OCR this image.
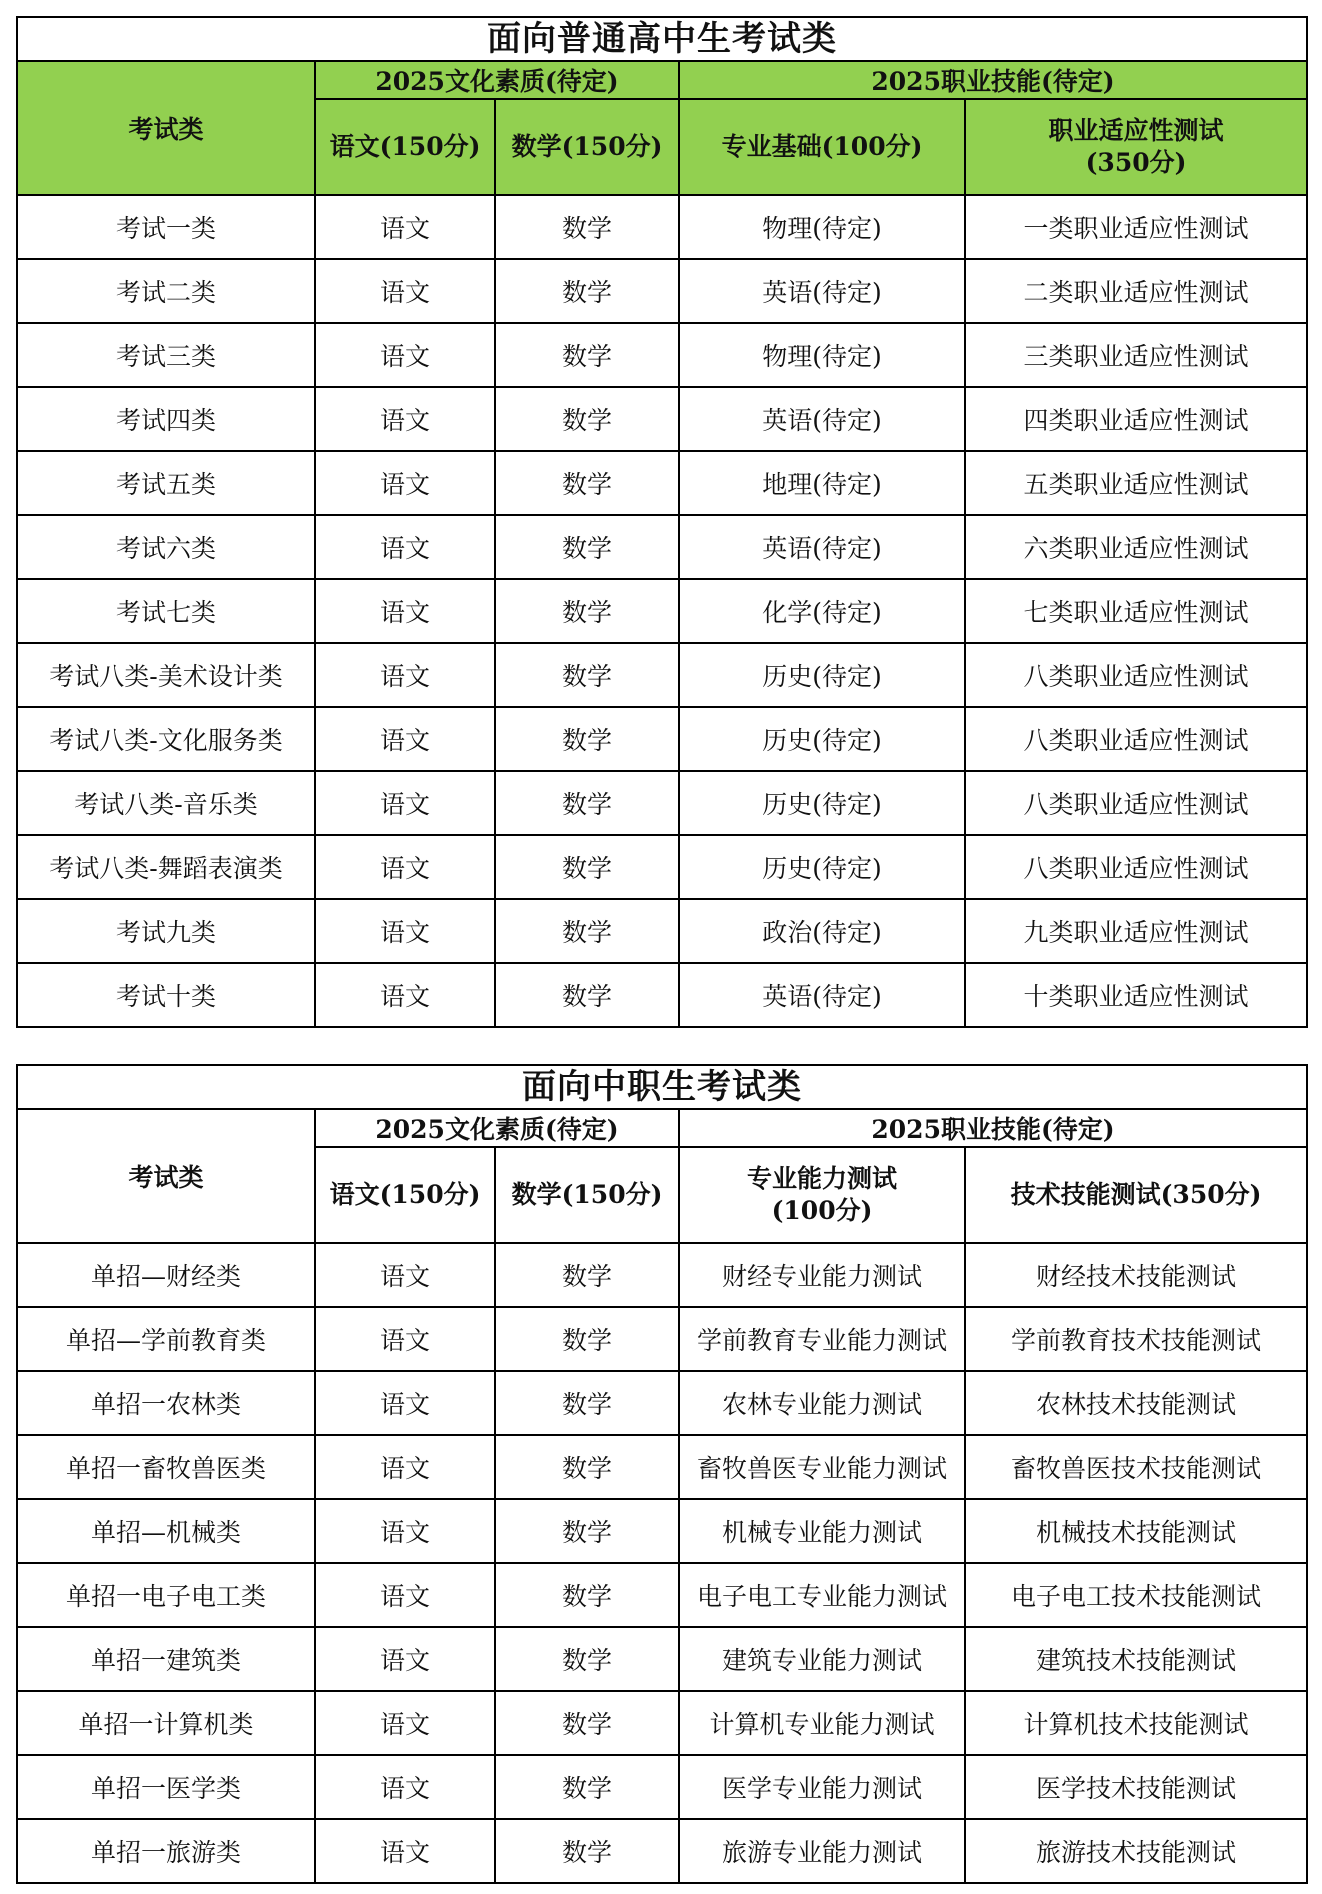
面向普通高中生考试类				
考试类	2025文化素质(待定)		2025职业技能(待定)	
	语文(150分)	数学(150分)	专业基础(100分)	职业适应性测试
(350分)

考试一类	语文	数学	物理(待定)	一类职业适应性测试
考试二类	语文	数学	英语(待定)	二类职业适应性测试
考试三类	语文	数学	物理(待定)	三类职业适应性测试
考试四类	语文	数学	英语(待定)	四类职业适应性测试
考试五类	语文	数学	地理(待定)	五类职业适应性测试
考试六类	语文	数学	英语(待定)	六类职业适应性测试
考试七类	语文	数学	化学(待定)	七类职业适应性测试
考试八类-美术设计类	语文	数学	历史(待定)	八类职业适应性测试
考试八类-文化服务类	语文	数学	历史(待定)	八类职业适应性测试
考试八类-音乐类	语文	数学	历史(待定)	八类职业适应性测试
考试八类-舞蹈表演类	语文	数学	历史(待定)	八类职业适应性测试
考试九类	语文	数学	政治(待定)	九类职业适应性测试
考试十类	语文	数学	英语(待定)	十类职业适应性测试

面向中职生考试类				
考试类	2025文化素质(待定)		2025职业技能(待定)	
	语文(150分)	数学(150分)	专业能力测试
(100分)	技术技能测试(350分)
单招—财经类	语文	数学	财经专业能力测试	财经技术技能测试
单招—学前教育类	语文	数学	学前教育专业能力测试	学前教育技术技能测试
单招一农林类	语文	数学	农林专业能力测试	农林技术技能测试
单招一畜牧兽医类	语文	数学	畜牧兽医专业能力测试	畜牧兽医技术技能测试
单招—机械类	语文	数学	机械专业能力测试	机械技术技能测试
单招一电子电工类	语文	数学	电子电工专业能力测试	电子电工技术技能测试
单招一建筑类	语文	数学	建筑专业能力测试	建筑技术技能测试
单招一计算机类	语文	数学	计算机专业能力测试	计算机技术技能测试
单招一医学类	语文	数学	医学专业能力测试	医学技术技能测试
单招一旅游类	语文	数学	旅游专业能力测试	旅游技术技能测试
